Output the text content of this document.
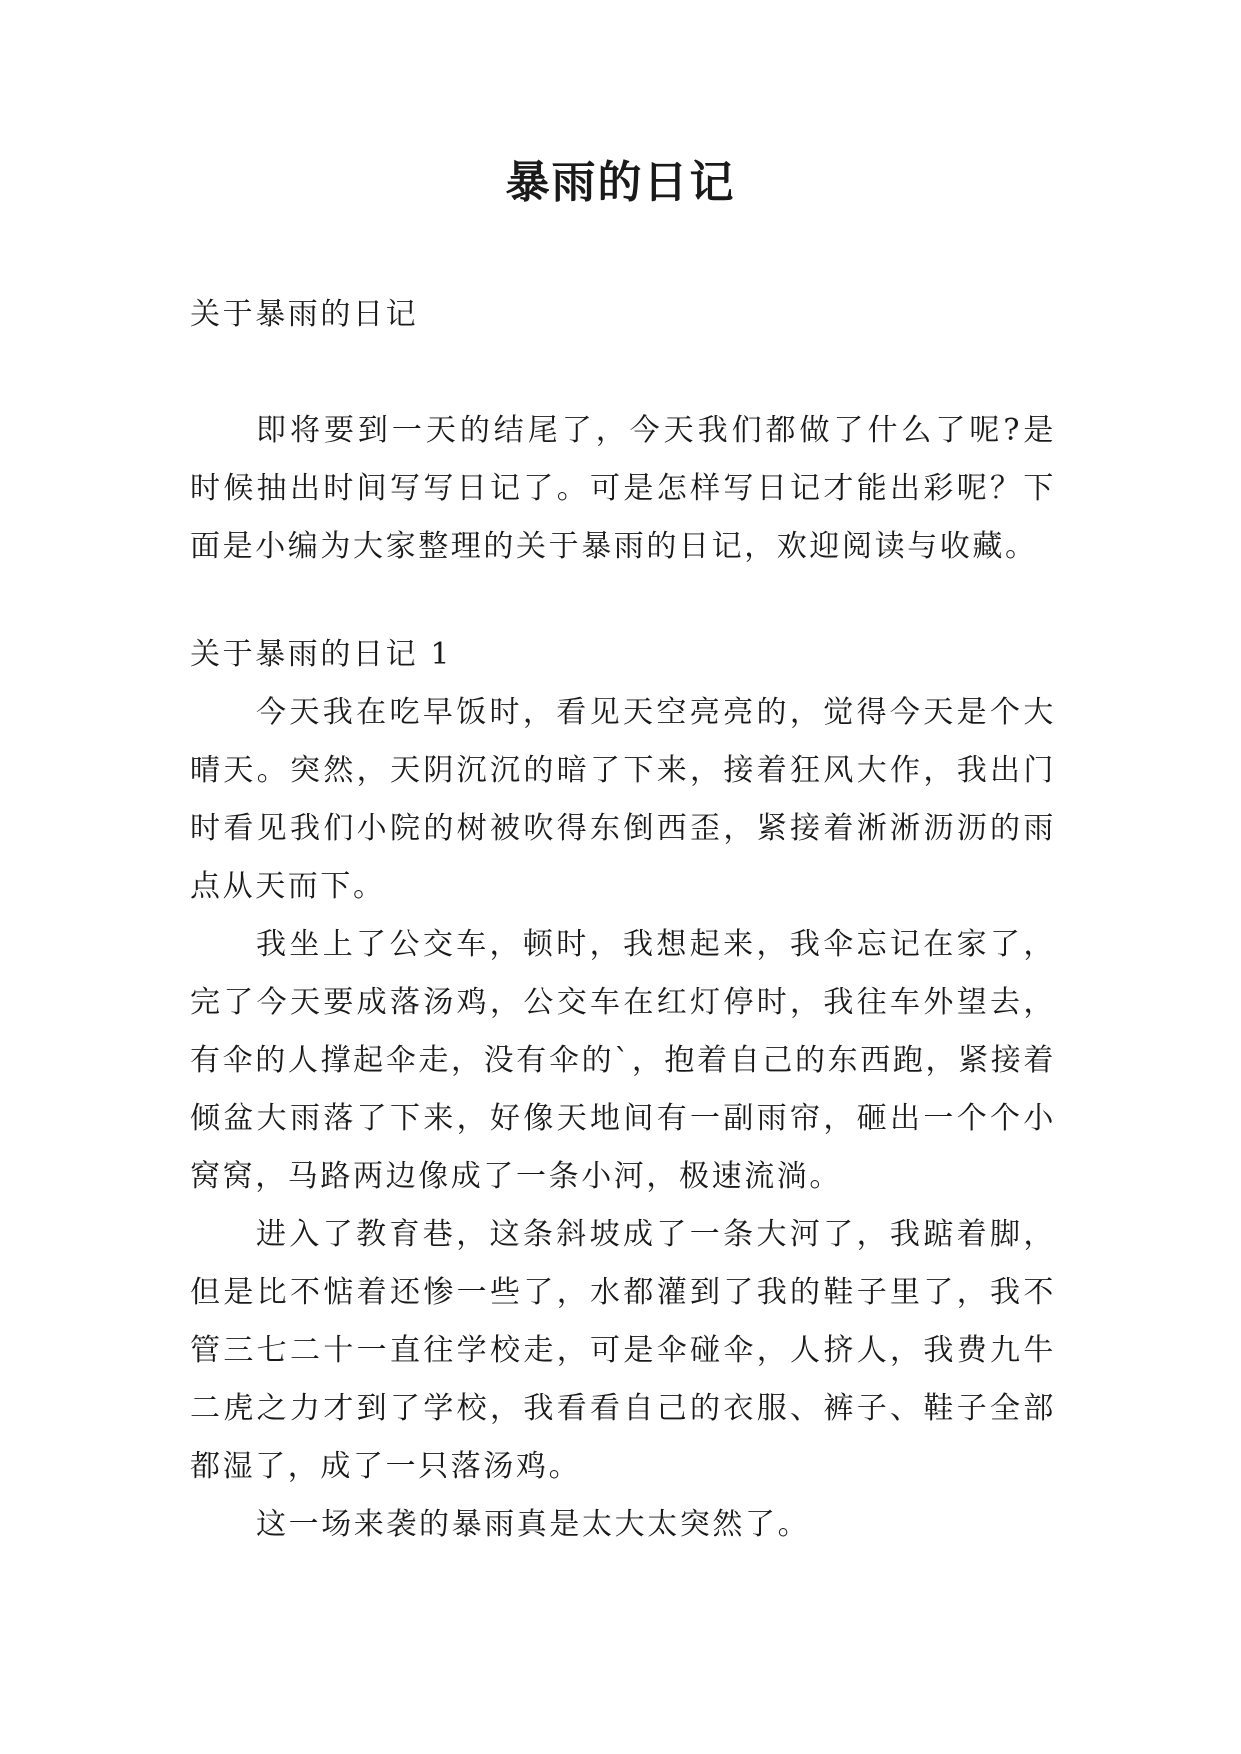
暴雨的日记

关于暴雨的日记

即将要到一天的结尾了，今天我们都做了什么了呢?是时候抽出时间写写日记了。可是怎样写日记才能出彩呢？下面是小编为大家整理的关于暴雨的日记，欢迎阅读与收藏。

关于暴雨的日记 1

今天我在吃早饭时，看见天空亮亮的，觉得今天是个大晴天。突然，天阴沉沉的暗了下来，接着狂风大作，我出门时看见我们小院的树被吹得东倒西歪，紧接着淅淅沥沥的雨点从天而下。

我坐上了公交车，顿时，我想起来，我伞忘记在家了，完了今天要成落汤鸡，公交车在红灯停时，我往车外望去，有伞的人撑起伞走，没有伞的`，抱着自己的东西跑，紧接着倾盆大雨落了下来，好像天地间有一副雨帘，砸出一个个小窝窝，马路两边像成了一条小河，极速流淌。

进入了教育巷，这条斜坡成了一条大河了，我踮着脚，但是比不惦着还惨一些了，水都灌到了我的鞋子里了，我不管三七二十一直往学校走，可是伞碰伞，人挤人，我费九牛二虎之力才到了学校，我看看自己的衣服、裤子、鞋子全部都湿了，成了一只落汤鸡。

这一场来袭的暴雨真是太大太突然了。
